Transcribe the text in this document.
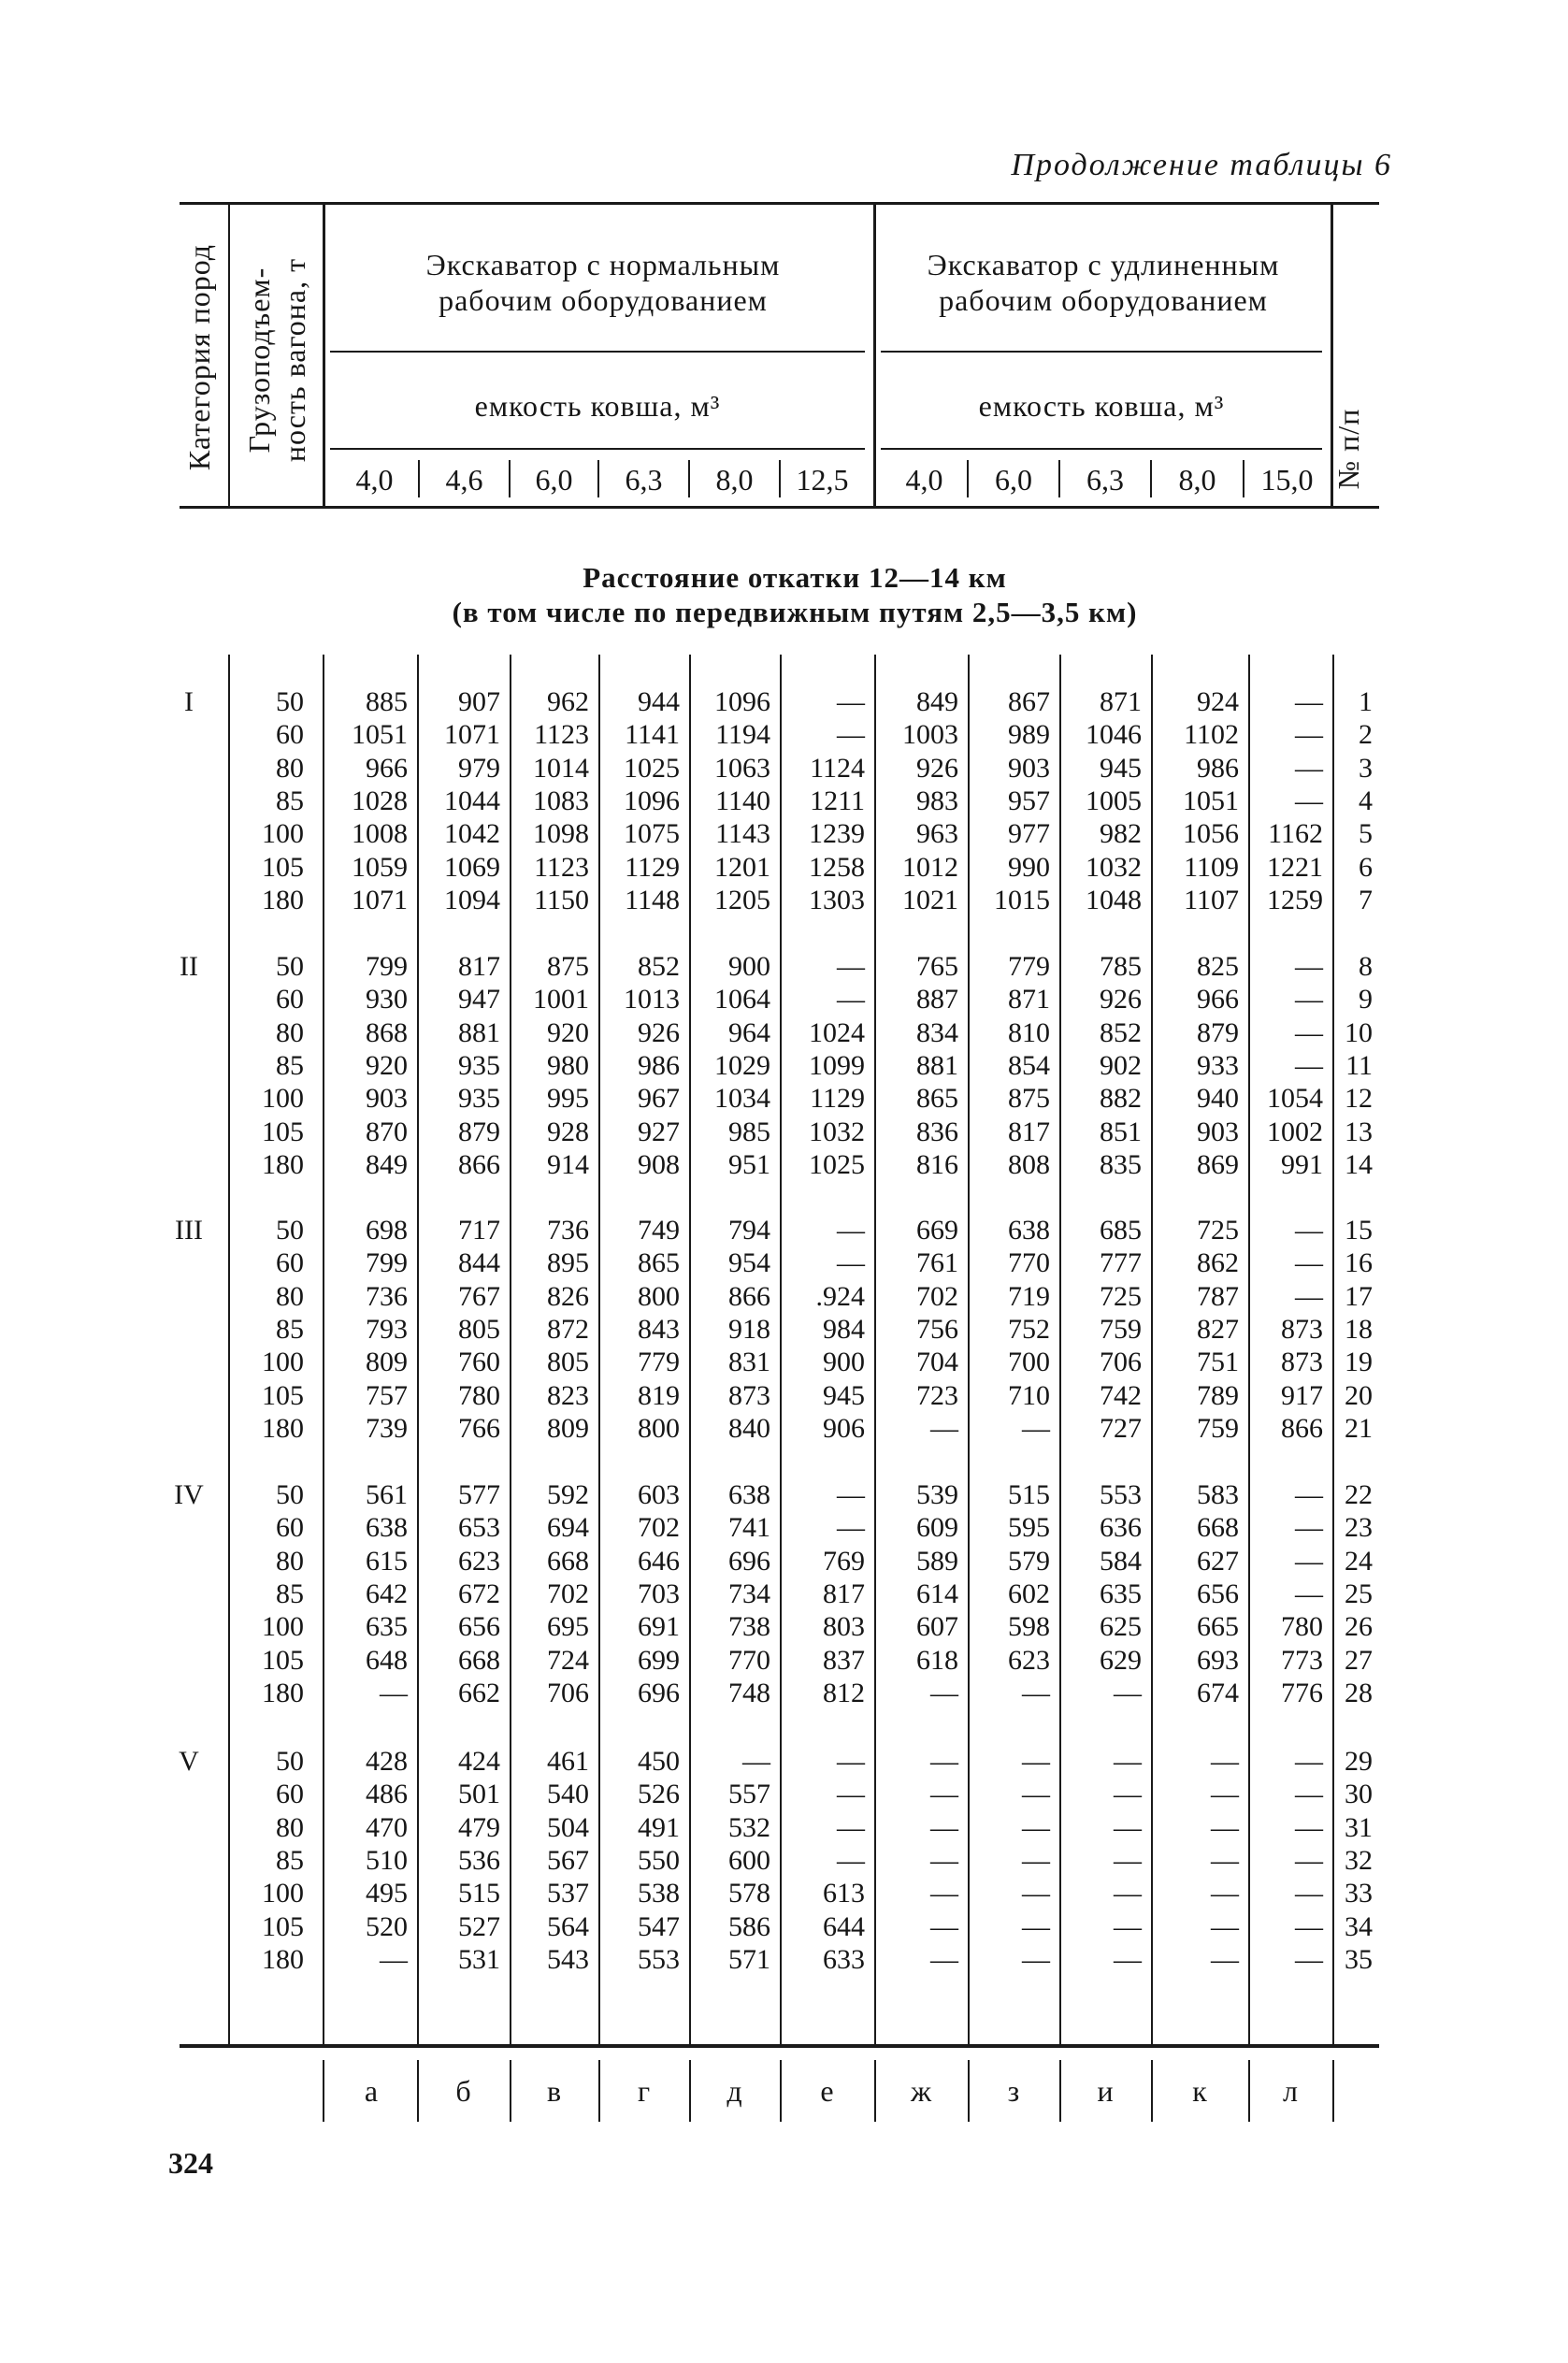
Продолжение таблицы 6
Категория пород Грузоподъем-
ность вагона, т
№ п/п
Экскаватор с нормальным рабочим оборудованием
Экскаватор с удлиненным рабочим оборудованием
емкость ковша, м³	емкость ковша, м³
4,0	4,6	6,0	6,3	8,0	12,5	4,0	6,0	6,3	8,0	15,0
Расстояние откатки 12—14 км
(в том числе по передвижным путям 2,5—3,5 км)
I	50	885	907	962	944	1096	—	849	867	871	924	—	1
60	1051	1071	1123	1141	1194	—	1003	989	1046	1102	—	2
80	966	979	1014	1025	1063	1124	926	903	945	986	—	3
85	1028	1044	1083	1096	1140	1211	983	957	1005	1051	—	4
100	1008	1042	1098	1075	1143	1239	963	977	982	1056	1162	5
105	1059	1069	1123	1129	1201	1258	1012	990	1032	1109	1221	6
180	1071	1094	1150	1148	1205	1303	1021	1015	1048	1107	1259	7
II	50	799	817	875	852	900	—	765	779	785	825	—	8
60	930	947	1001	1013	1064	—	887	871	926	966	—	9
80	868	881	920	926	964	1024	834	810	852	879	— 10
85	920	935	980	986	1029	1099	881	854	902	933	— 11
100	903	935	995	967	1034	1129	865	875	882	940	1054 12
105	870	879	928	927	985	1032	836	817	851	903	1002 13
180	849	866	914	908	951	1025	816	808	835	869	991 14
III	50	698	717	736	749	794	—	669	638	685	725	— 15
60	799	844	895	865	954	—	761	770	777	862	— 16
80	736	767	826	800	866	.924	702	719	725	787	— 17
85	793	805	872	843	918	984	756	752	759	827	873 18
100	809	760	805	779	831	900	704	700	706	751	873 19
105	757	780	823	819	873	945	723	710	742	789	917 20
180	739	766	809	800	840	906	—	—	727	759	866 21
IV	50	561	577	592	603	638	—	539	515	553	583	— 22
60	638	653	694	702	741	—	609	595	636	668	— 23
80	615	623	668	646	696	769	589	579	584	627	— 24
85	642	672	702	703	734	817	614	602	635	656	— 25
100	635	656	695	691	738	803	607	598	625	665	780 26
105	648	668	724	699	770	837	618	623	629	693	773 27
180	—	662	706	696	748	812	—	—	—	674	776 28
V	50	428	424	461	450	—	—	—	—	—	—	— 29
60	486	501	540	526	557	—	—	—	—	—	— 30
80	470	479	504	491	532	—	—	—	—	—	— 31
85	510	536	567	550	600	—	—	—	—	—	— 32
100	495	515	537	538	578	613	—	—	—	—	— 33
105	520	527	564	547	586	644	—	—	—	—	— 34
180	—	531	543	553	571	633	—	—	—	—	— 35
а	б	в	г	д	е	ж	з	и	к	л
324
